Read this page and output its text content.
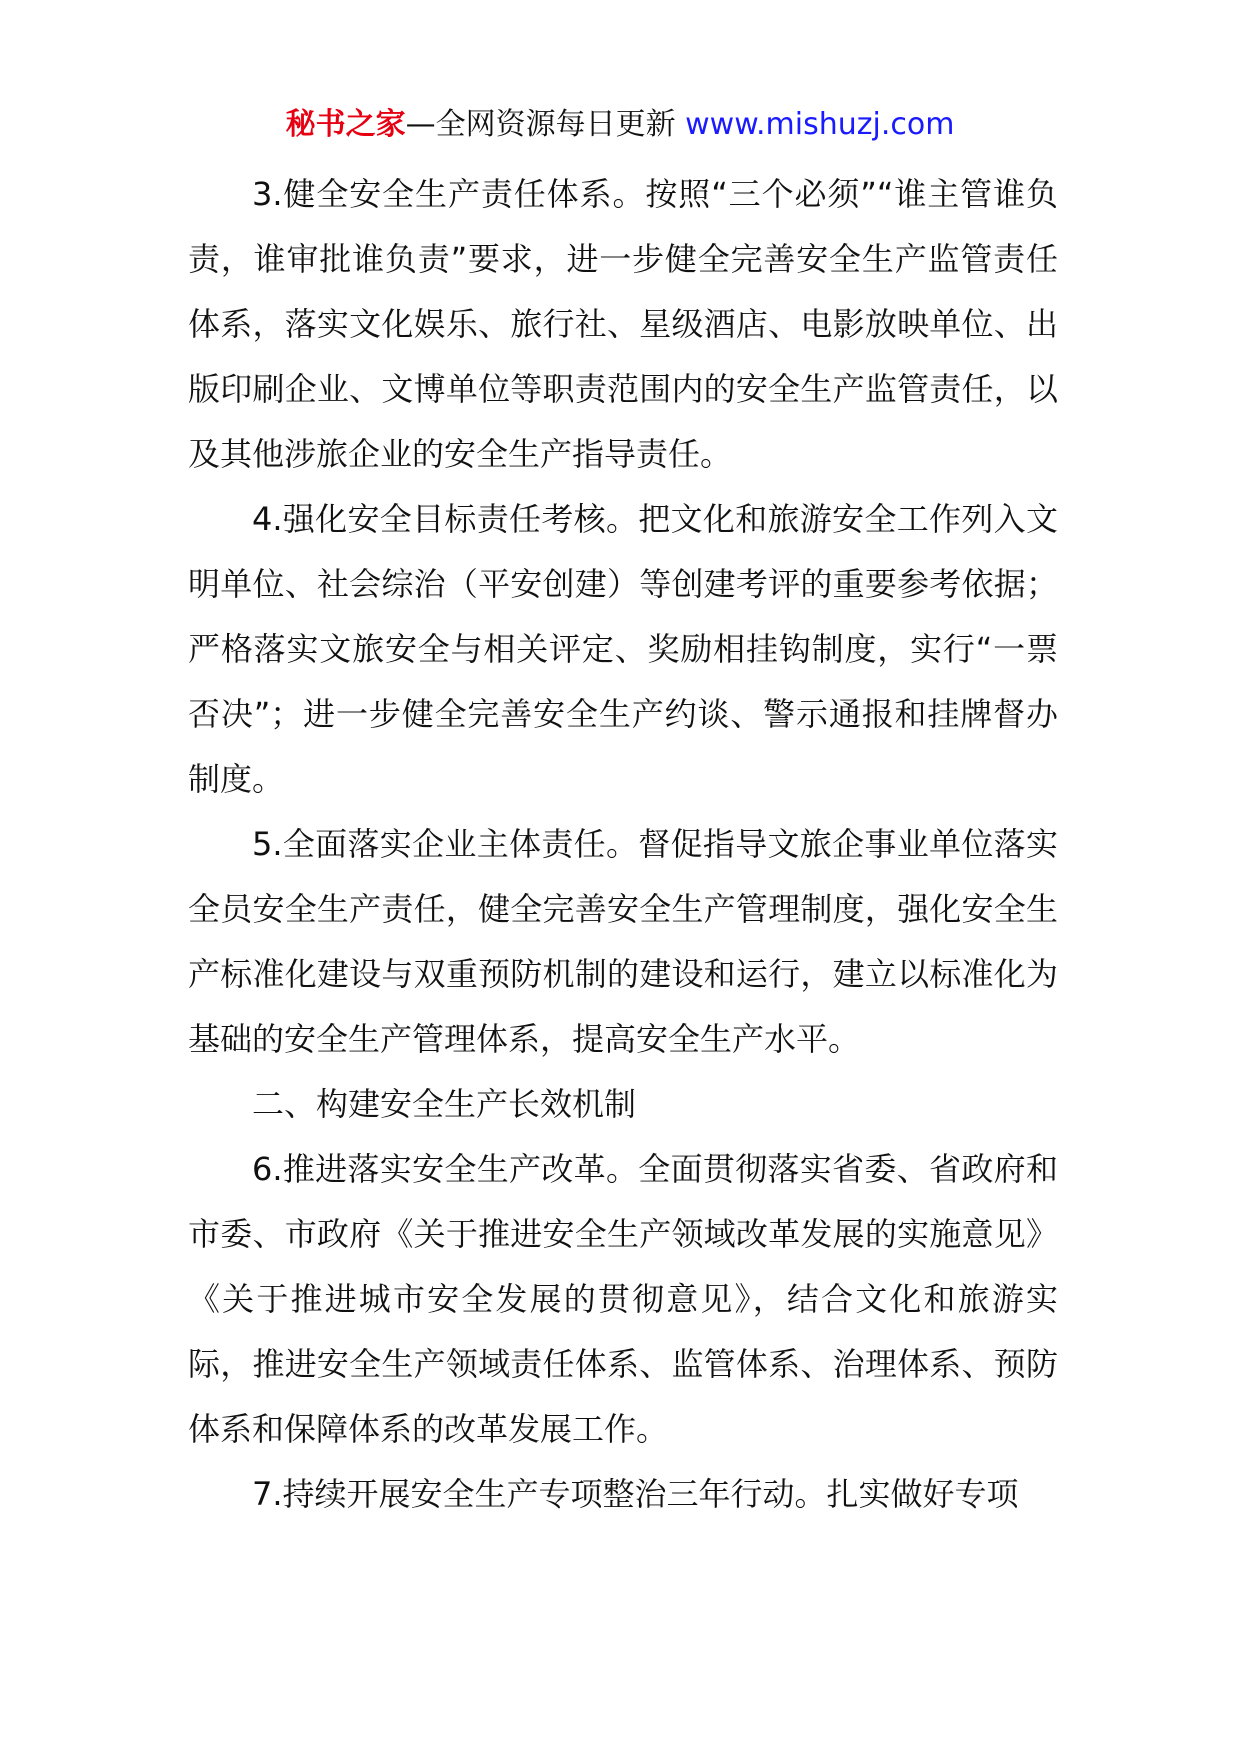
秘书之家—全网资源每日更新 www.mishuzj.com

3.健全安全生产责任体系。按照“三个必须”“谁主管谁负责，谁审批谁负责”要求，进一步健全完善安全生产监管责任体系，落实文化娱乐、旅行社、星级酒店、电影放映单位、出版印刷企业、文博单位等职责范围内的安全生产监管责任，以及其他涉旅企业的安全生产指导责任。

4.强化安全目标责任考核。把文化和旅游安全工作列入文明单位、社会综治（平安创建）等创建考评的重要参考依据；严格落实文旅安全与相关评定、奖励相挂钩制度，实行“一票否决”；进一步健全完善安全生产约谈、警示通报和挂牌督办制度。

5.全面落实企业主体责任。督促指导文旅企事业单位落实全员安全生产责任，健全完善安全生产管理制度，强化安全生产标准化建设与双重预防机制的建设和运行，建立以标准化为基础的安全生产管理体系，提高安全生产水平。

二、构建安全生产长效机制

6.推进落实安全生产改革。全面贯彻落实省委、省政府和市委、市政府《关于推进安全生产领域改革发展的实施意见》《关于推进城市安全发展的贯彻意见》，结合文化和旅游实际，推进安全生产领域责任体系、监管体系、治理体系、预防体系和保障体系的改革发展工作。

7.持续开展安全生产专项整治三年行动。扎实做好专项
